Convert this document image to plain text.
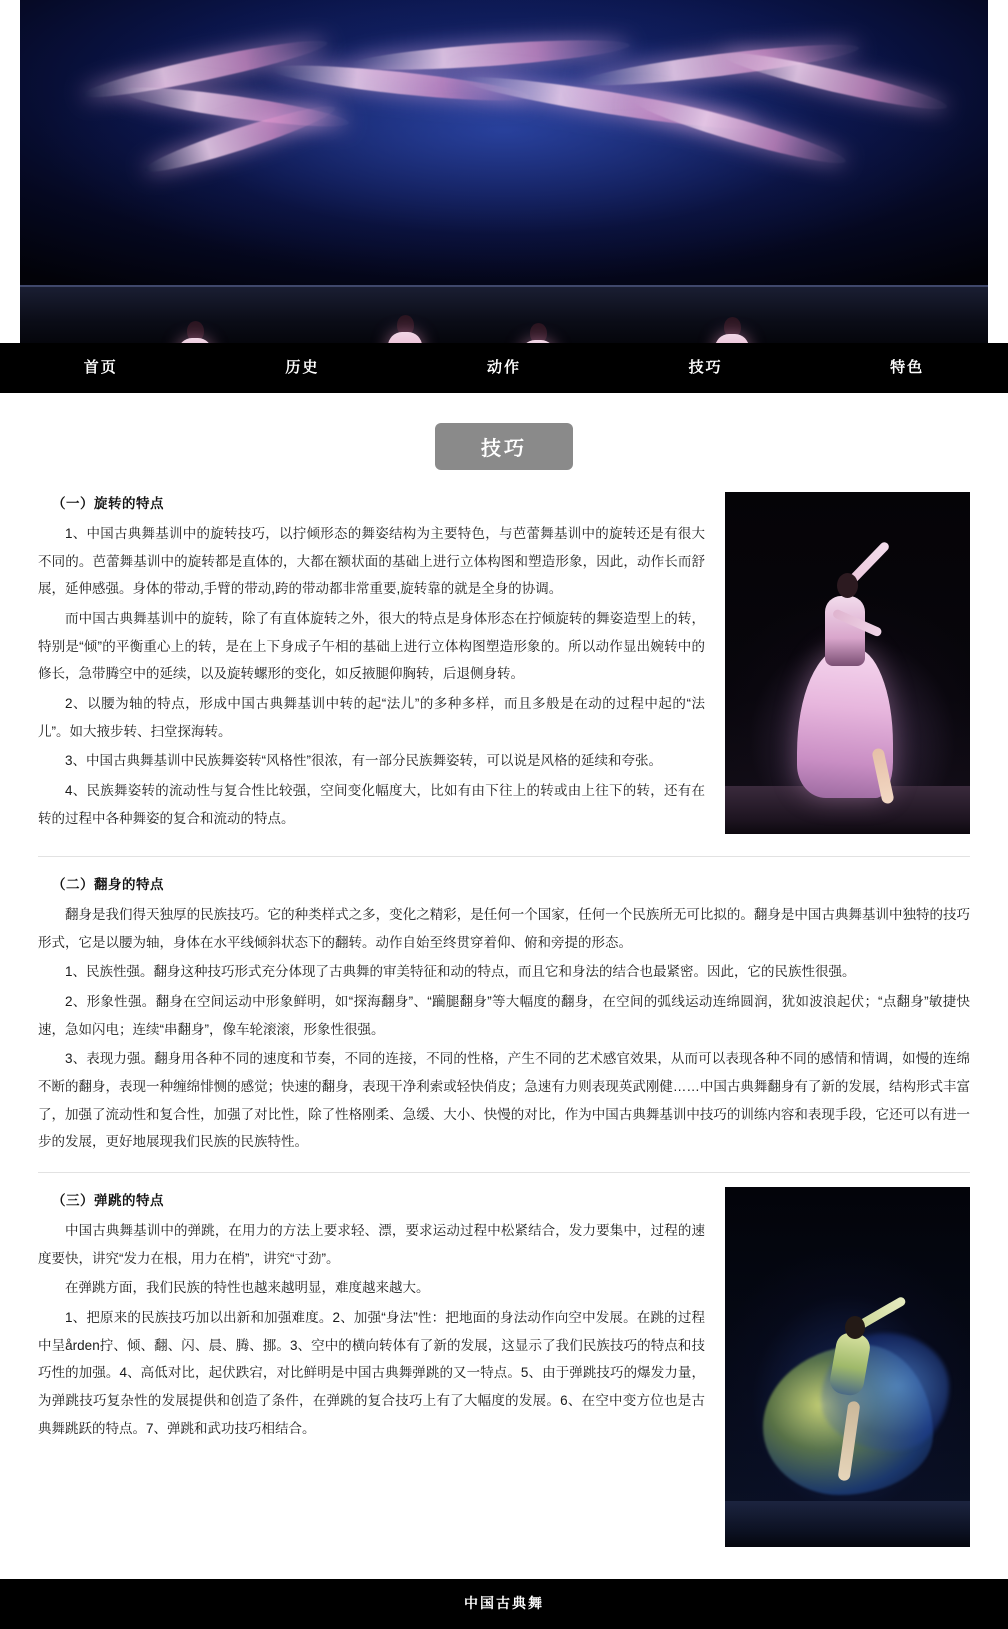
首页	历史	动作	技巧	特色
技巧
（一）旋转的特点

1、中国古典舞基训中的旋转技巧，以拧倾形态的舞姿结构为主要特色，与芭蕾舞基训中的旋转还是有很大不同的。芭蕾舞基训中的旋转都是直体的，大都在额状面的基础上进行立体构图和塑造形象，因此，动作长而舒展，延伸感强。身体的带动,手臂的带动,跨的带动都非常重要,旋转靠的就是全身的协调。

而中国古典舞基训中的旋转，除了有直体旋转之外，很大的特点是身体形态在拧倾旋转的舞姿造型上的转，特别是“倾”的平衡重心上的转，是在上下身成子午相的基础上进行立体构图塑造形象的。所以动作显出婉转中的修长，急带腾空中的延续，以及旋转螺形的变化，如反掖腿仰胸转，后退侧身转。

2、以腰为轴的特点，形成中国古典舞基训中转的起“法儿”的多种多样，而且多般是在动的过程中起的“法儿”。如大掖步转、扫堂探海转。

3、中国古典舞基训中民族舞姿转“风格性”很浓，有一部分民族舞姿转，可以说是风格的延续和夸张。

4、民族舞姿转的流动性与复合性比较强，空间变化幅度大，比如有由下往上的转或由上往下的转，还有在转的过程中各种舞姿的复合和流动的特点。

（二）翻身的特点

翻身是我们得天独厚的民族技巧。它的种类样式之多，变化之精彩，是任何一个国家，任何一个民族所无可比拟的。翻身是中国古典舞基训中独特的技巧形式，它是以腰为轴，身体在水平线倾斜状态下的翻转。动作自始至终贯穿着仰、俯和旁提的形态。

1、民族性强。翻身这种技巧形式充分体现了古典舞的审美特征和动的特点，而且它和身法的结合也最紧密。因此，它的民族性很强。

2、形象性强。翻身在空间运动中形象鲜明，如“探海翻身”、“躏腿翻身”等大幅度的翻身，在空间的弧线运动连绵圆润，犹如波浪起伏；“点翻身”敏捷快速，急如闪电；连续“串翻身”，像车轮滚滚，形象性很强。

3、表现力强。翻身用各种不同的速度和节奏，不同的连接，不同的性格，产生不同的艺术感官效果，从而可以表现各种不同的感情和情调，如慢的连绵不断的翻身，表现一种缠绵悱恻的感觉；快速的翻身，表现干净利索或轻快俏皮；急速有力则表现英武刚健……中国古典舞翻身有了新的发展，结构形式丰富了，加强了流动性和复合性，加强了对比性，除了性格刚柔、急缓、大小、快慢的对比，作为中国古典舞基训中技巧的训练内容和表现手段，它还可以有进一步的发展，更好地展现我们民族的民族特性。

（三）弹跳的特点

中国古典舞基训中的弹跳，在用力的方法上要求轻、漂，要求运动过程中松紧结合，发力要集中，过程的速度要快，讲究“发力在根，用力在梢”，讲究“寸劲”。

在弹跳方面，我们民族的特性也越来越明显，难度越来越大。

1、把原来的民族技巧加以出新和加强难度。2、加强“身法”性：把地面的身法动作向空中发展。在跳的过程中呈ården拧、倾、翻、闪、晨、腾、挪。3、空中的横向转体有了新的发展，这显示了我们民族技巧的特点和技巧性的加强。4、高低对比，起伏跌宕，对比鲜明是中国古典舞弹跳的又一特点。5、由于弹跳技巧的爆发力量，为弹跳技巧复杂性的发展提供和创造了条件，在弹跳的复合技巧上有了大幅度的发展。6、在空中变方位也是古典舞跳跃的特点。7、弹跳和武功技巧相结合。

中国古典舞
